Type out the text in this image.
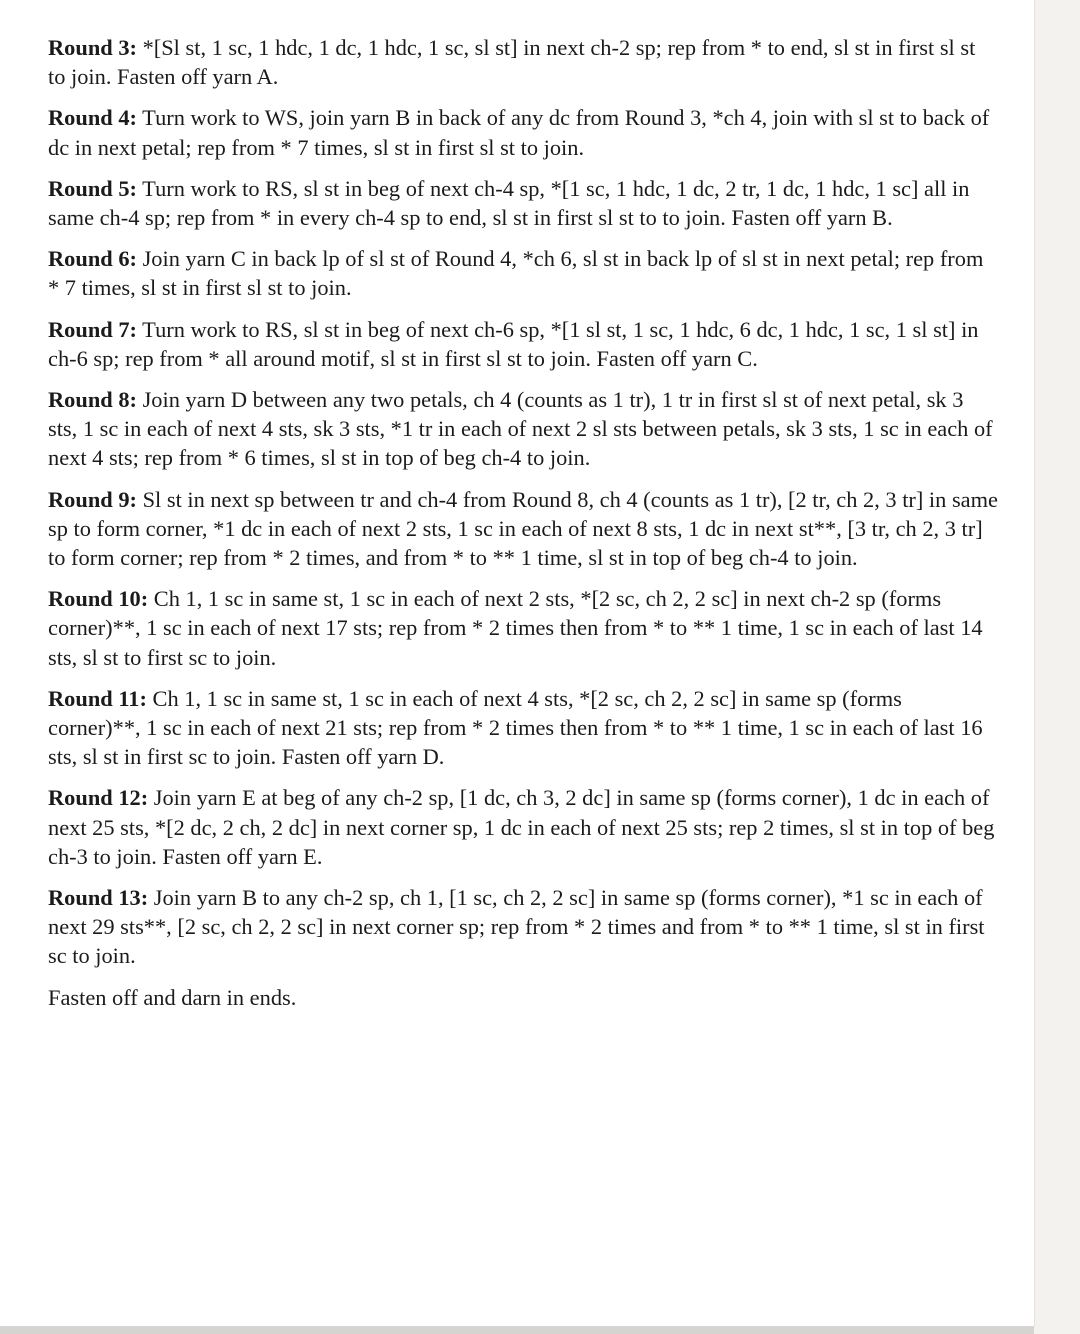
Round 3: *[Sl st, 1 sc, 1 hdc, 1 dc, 1 hdc, 1 sc, sl st] in next ch-2 sp; rep from * to end, sl st in first sl st to join. Fasten off yarn A.

Round 4: Turn work to WS, join yarn B in back of any dc from Round 3, *ch 4, join with sl st to back of dc in next petal; rep from * 7 times, sl st in first sl st to join.

Round 5: Turn work to RS, sl st in beg of next ch-4 sp, *[1 sc, 1 hdc, 1 dc, 2 tr, 1 dc, 1 hdc, 1 sc] all in same ch-4 sp; rep from * in every ch-4 sp to end, sl st in first sl st to to join. Fasten off yarn B.

Round 6: Join yarn C in back lp of sl st of Round 4, *ch 6, sl st in back lp of sl st in next petal; rep from * 7 times, sl st in first sl st to join.

Round 7: Turn work to RS, sl st in beg of next ch-6 sp, *[1 sl st, 1 sc, 1 hdc, 6 dc, 1 hdc, 1 sc, 1 sl st] in ch-6 sp; rep from * all around motif, sl st in first sl st to join. Fasten off yarn C.

Round 8: Join yarn D between any two petals, ch 4 (counts as 1 tr), 1 tr in first sl st of next petal, sk 3 sts, 1 sc in each of next 4 sts, sk 3 sts, *1 tr in each of next 2 sl sts between petals, sk 3 sts, 1 sc in each of next 4 sts; rep from * 6 times, sl st in top of beg ch-4 to join.

Round 9: Sl st in next sp between tr and ch-4 from Round 8, ch 4 (counts as 1 tr), [2 tr, ch 2, 3 tr] in same sp to form corner, *1 dc in each of next 2 sts, 1 sc in each of next 8 sts, 1 dc in next st**, [3 tr, ch 2, 3 tr] to form corner; rep from * 2 times, and from * to ** 1 time, sl st in top of beg ch-4 to join.

Round 10: Ch 1, 1 sc in same st, 1 sc in each of next 2 sts, *[2 sc, ch 2, 2 sc] in next ch-2 sp (forms corner)**, 1 sc in each of next 17 sts; rep from * 2 times then from * to ** 1 time, 1 sc in each of last 14 sts, sl st to first sc to join.

Round 11: Ch 1, 1 sc in same st, 1 sc in each of next 4 sts, *[2 sc, ch 2, 2 sc] in same sp (forms corner)**, 1 sc in each of next 21 sts; rep from * 2 times then from * to ** 1 time, 1 sc in each of last 16 sts, sl st in first sc to join. Fasten off yarn D.

Round 12: Join yarn E at beg of any ch-2 sp, [1 dc, ch 3, 2 dc] in same sp (forms corner), 1 dc in each of next 25 sts, *[2 dc, 2 ch, 2 dc] in next corner sp, 1 dc in each of next 25 sts; rep 2 times, sl st in top of beg ch-3 to join. Fasten off yarn E.

Round 13: Join yarn B to any ch-2 sp, ch 1, [1 sc, ch 2, 2 sc] in same sp (forms corner), *1 sc in each of next 29 sts**, [2 sc, ch 2, 2 sc] in next corner sp; rep from * 2 times and from * to ** 1 time, sl st in first sc to join.

Fasten off and darn in ends.
